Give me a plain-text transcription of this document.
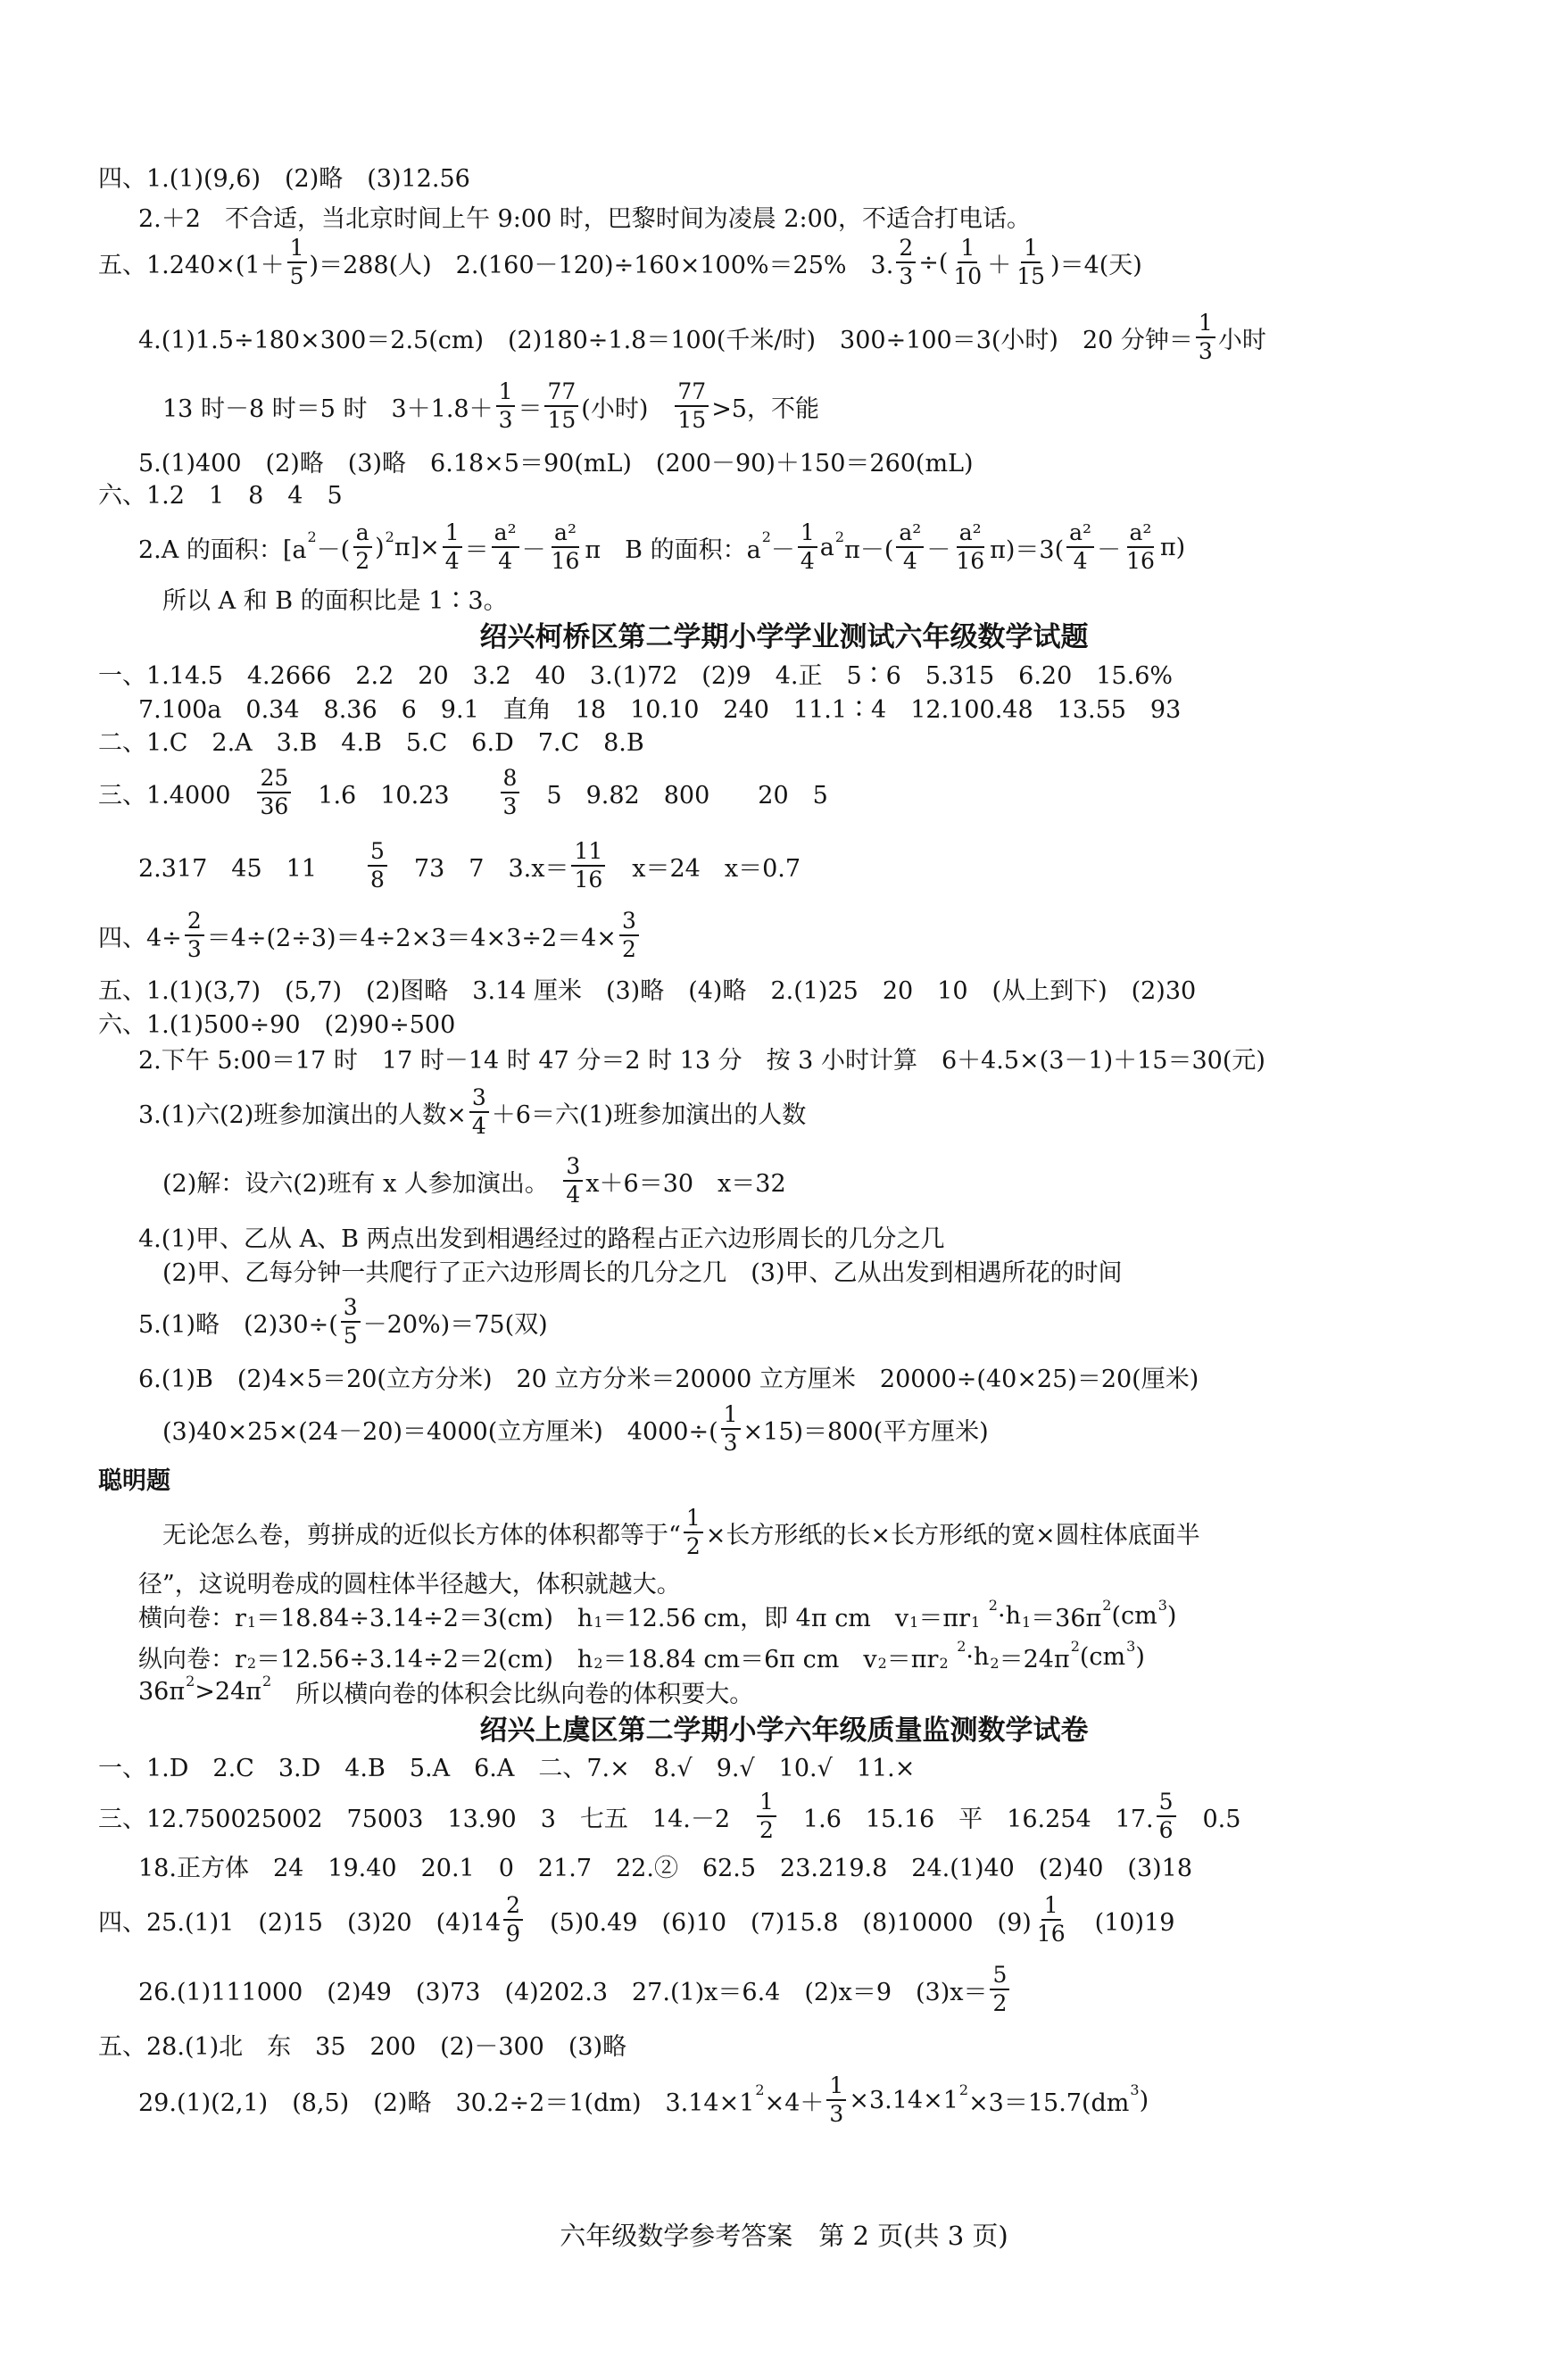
四、1.(1)(9,6)　(2)略　(3)12.56
2.＋2　不合适，当北京时间上午 9:00 时，巴黎时间为凌晨 2:00，不适合打电话。
五、$1.240\times(1+ \frac{1}{5} )=288$(人)　2.(160－120)÷160×100%＝25%　3. $\frac{2}{3}$ ÷( $\frac{1}{10} + \frac{1}{15} )=4$(天)
4.(1)1.5÷180×300＝2.5(cm)　(2)180÷1.8＝100(千米/时)　300÷100＝3(小时)　20 分钟＝ $\frac{1}{3}$ 小时
13 时－8 时＝5 时　$3+1.8+ \frac{1}{3} = \frac{77}{15}$ (小时)　 $\frac{77}{15} >5$，不能
5.(1)400　(2)略　(3)略　6.18×5＝90(mL)　(200－90)＋150＝260(mL)
六、1.2　1　8　4　5
2.A 的面积：[a 2 －( $\frac{a}{2}$ ) 2 $\pi]\times \frac{1}{4} = \frac{\text{a²}}{4} - \frac{\text{a²}}{16}$ π　B 的面积：a $2 - \frac{1}{4}$ a 2 $\pi-( \frac{\text{a²}}{4} - \frac{\text{a²}}{16} \pi)=3( \frac{\text{a²}}{4} - \frac{\text{a²}}{16} \pi)$
所以 A 和 B 的面积比是 1∶3。
绍兴柯桥区第二学期小学学业测试六年级数学试题
一、1.14.5　4.2666　2.2　20　3.2　40　3.(1)72　(2)9　4.正　5∶6　5.315　6.20　15.6%
7.100a　0.34　8.36　6　9.1　直角　18　10.10　240　11.1∶4　12.100.48　13.55　93
二、1.C　2.A　3.B　4.B　5.C　6.D　7.C　8.B
三、1.4000　 $\frac{25}{36}$ 　1.6　10.23　　 $\frac{8}{3}$ 　5　9.82　800　　20　5
2.317　45　11　　 $\frac{5}{8}$ 　73　7　$3.x= \frac{11}{16}$ 　x＝24　x＝0.7
四、$4\div \frac{2}{3} =4\div(2\div 3)=4\div 2\times 3=4\times 3\div 2=4\times \frac{3}{2}$
五、1.(1)(3,7)　(5,7)　(2)图略　3.14 厘米　(3)略　(4)略　2.(1)25　20　10　(从上到下)　(2)30
六、1.(1)500÷90　(2)90÷500
2.下午 5:00＝17 时　17 时－14 时 47 分＝2 时 13 分　按 3 小时计算　6＋4.5×(3－1)＋15＝30(元)
3.(1)六(2)班参加演出的人数× $\frac{3}{4} +6=$六(1)班参加演出的人数
(2)解：设六(2)班有 x 人参加演出。　 $\frac{3}{4} x+6=30$　x＝32
4.(1)甲、乙从 A、B 两点出发到相遇经过的路程占正六边形周长的几分之几
(2)甲、乙每分钟一共爬行了正六边形周长的几分之几　(3)甲、乙从出发到相遇所花的时间
5.(1)略　$(2)30\div( \frac{3}{5} -20\%)=75$(双)
6.(1)B　(2)4×5＝20(立方分米)　20 立方分米＝20000 立方厘米　20000÷(40×25)＝20(厘米)
(3)40×25×(24－20)＝4000(立方厘米)　$4000\div( \frac{1}{3} \times 15)=800$(平方厘米)
聪明题
无论怎么卷，剪拼成的近似长方体的体积都等于“ $\frac{1}{2}$ ×长方形纸的长×长方形纸的宽×圆柱体底面半
径”，这说明卷成的圆柱体半径越大，体积就越大。
横向卷：r 1 ＝18.84÷3.14÷2＝3(cm)　h 1 ＝12.56 cm，即 4π cm　v 1 ＝πr 1

2 ·h 1 ＝36π 2 (cm 3 )
纵向卷：r 2 ＝12.56÷3.14÷2＝2(cm)　h 2 ＝18.84 cm＝6π cm　v 2 ＝πr 2

2 ·h 2 ＝24π 2 (cm 3 )
36π 2 >24π 2 　所以横向卷的体积会比纵向卷的体积要大。
绍兴上虞区第二学期小学六年级质量监测数学试卷
一、1.D　2.C　3.D　4.B　5.A　6.A　二、7.×　8.√　9.√　10.√　11.×
三、12.750025002　75003　13.90　3　七五　14.－2　 $\frac{1}{2}$ 　1.6　15.16　平　16.254　17. $\frac{5}{6}$ 　0.5
18.正方体　24　19.40　20.1　0　21.7　22.②　62.5　23.219.8　24.(1)40　(2)40　(3)18
四、25.(1)1　(2)15　(3)20　$(4)14 \frac{2}{9}$ 　(5)0.49　(6)10　(7)15.8　(8)10000　$(9) \frac{1}{16}$ 　(10)19
26.(1)111000　(2)49　(3)73　(4)202.3　27.(1)x＝6.4　(2)x＝9　$(3)x= \frac{5}{2}$
五、28.(1)北　东　35　200　(2)－300　(3)略
29.(1)(2,1)　(8,5)　(2)略　30.2÷2＝1(dm)　3.14×1 $2 \times 4+ \frac{1}{3} \times 3.14\times 1$ 2 ×3＝15.7(dm 3 )
六年级数学参考答案　第 2 页(共 3 页)
